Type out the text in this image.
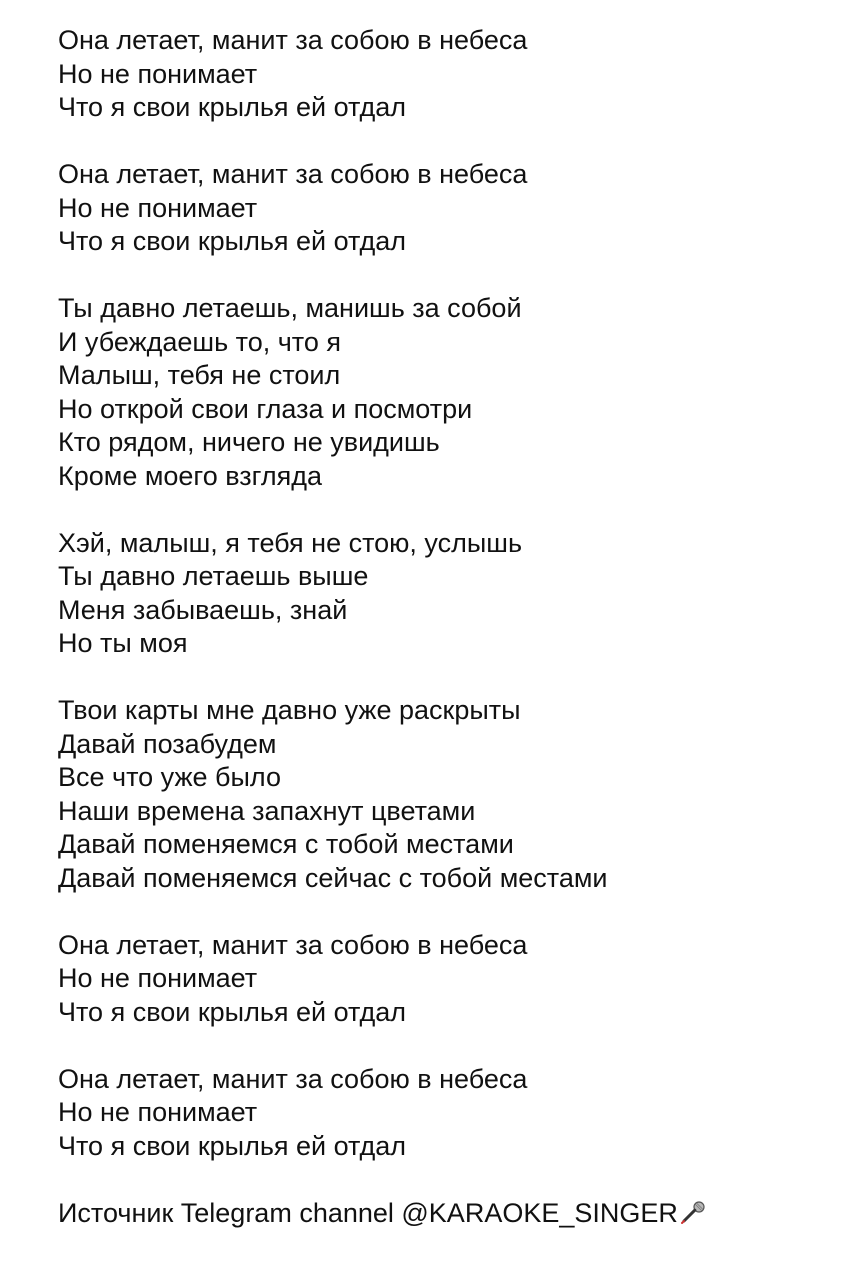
Она летает, манит за собою в небеса
Но не понимает
Что я свои крылья ей отдал
Она летает, манит за собою в небеса
Но не понимает
Что я свои крылья ей отдал
Ты давно летаешь, манишь за собой
И убеждаешь то, что я
Малыш, тебя не стоил
Но открой свои глаза и посмотри
Кто рядом, ничего не увидишь
Кроме моего взгляда
Хэй, малыш, я тебя не стою, услышь
Ты давно летаешь выше
Меня забываешь, знай
Но ты моя
Твои карты мне давно уже раскрыты
Давай позабудем
Все что уже было
Наши времена запахнут цветами
Давай поменяемся с тобой местами
Давай поменяемся сейчас с тобой местами
Она летает, манит за собою в небеса
Но не понимает
Что я свои крылья ей отдал
Она летает, манит за собою в небеса
Но не понимает
Что я свои крылья ей отдал
Источник Telegram channel @KARAOKE_SINGER
